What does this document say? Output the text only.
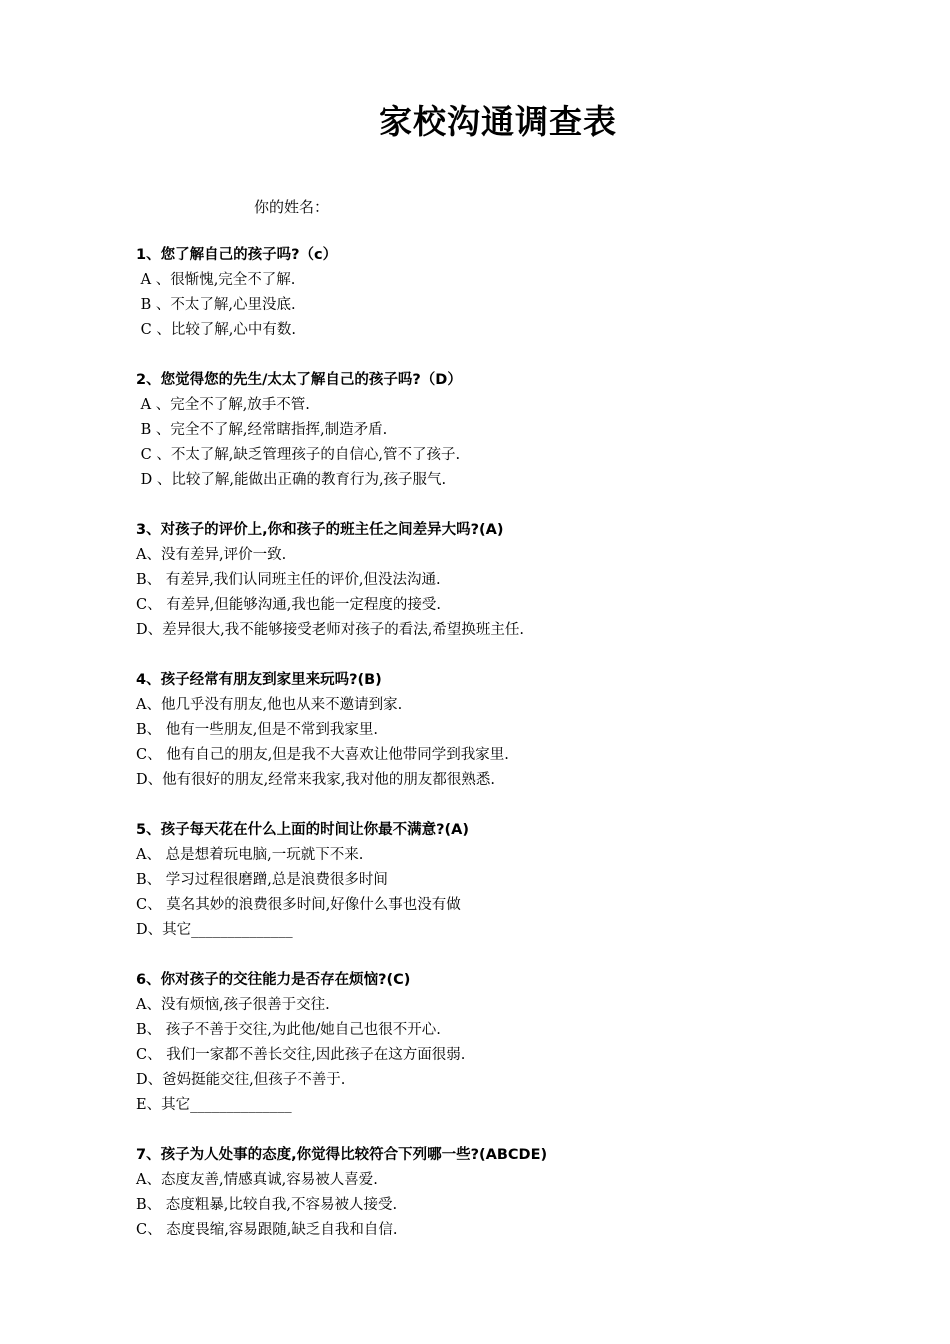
家校沟通调查表
你的姓名：
1、您了解自己的孩子吗?（c）
A 、很惭愧,完全不了解.
B 、不太了解,心里没底.
C 、比较了解,心中有数.
2、您觉得您的先生/太太了解自己的孩子吗?（D）
A 、完全不了解,放手不管.
B 、完全不了解,经常瞎指挥,制造矛盾.
C 、不太了解,缺乏管理孩子的自信心,管不了孩子.
D 、比较了解,能做出正确的教育行为,孩子服气.
3、对孩子的评价上,你和孩子的班主任之间差异大吗?(A)
A、没有差异,评价一致.
B、 有差异,我们认同班主任的评价,但没法沟通.
C、 有差异,但能够沟通,我也能一定程度的接受.
D、差异很大,我不能够接受老师对孩子的看法,希望换班主任.
4、孩子经常有朋友到家里来玩吗?(B)
A、他几乎没有朋友,他也从来不邀请到家.
B、 他有一些朋友,但是不常到我家里.
C、 他有自己的朋友,但是我不大喜欢让他带同学到我家里.
D、他有很好的朋友,经常来我家,我对他的朋友都很熟悉.
5、孩子每天花在什么上面的时间让你最不满意?(A)
A、 总是想着玩电脑,一玩就下不来.
B、 学习过程很磨蹭,总是浪费很多时间
C、 莫名其妙的浪费很多时间,好像什么事也没有做
D、其它______________
6、你对孩子的交往能力是否存在烦恼?(C)
A、没有烦恼,孩子很善于交往.
B、 孩子不善于交往,为此他/她自己也很不开心.
C、 我们一家都不善长交往,因此孩子在这方面很弱.
D、爸妈挺能交往,但孩子不善于.
E、其它______________
7、孩子为人处事的态度,你觉得比较符合下列哪一些?(ABCDE)
A、态度友善,情感真诚,容易被人喜爱.
B、 态度粗暴,比较自我,不容易被人接受.
C、 态度畏缩,容易跟随,缺乏自我和自信.
